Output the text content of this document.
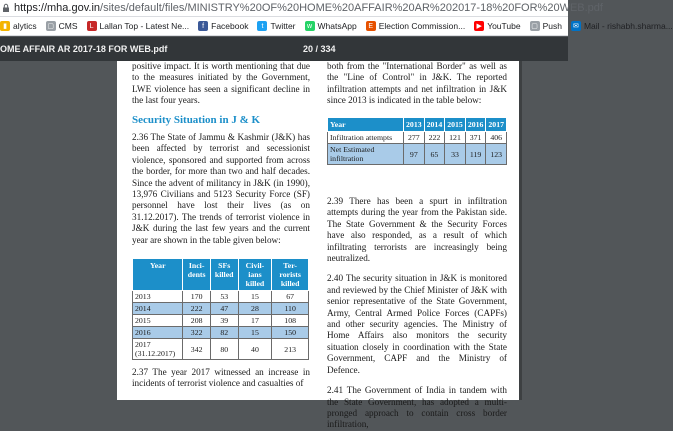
https://mha.gov.in/sites/default/files/MINISTRY%20OF%20HOME%20AFFAIR%20AR%202017-18%20FOR%20WEB.pdf
▮ alytics ▢ CMS	L Lallan Top - Latest Ne...	f Facebook	t Twitter	w WhatsApp	E Election Commission...	▶ YouTube ▢ Push ✉ Mail - rishabh.sharma...
OME AFFAIR AR 2017-18 FOR WEB.pdf	20 / 334

positive impact. It is worth mentioning that due to the measures initiated by the Government, LWE violence has seen a significant decline in the last four years.

Security Situation in J & K

2.36 The State of Jammu & Kashmir (J&K) has been affected by terrorist and secessionist violence, sponsored and supported from across the border, for more than two and half decades. Since the advent of militancy in J&K (in 1990), 13,976 Civilians and 5123 Security Force (SF) personnel have lost their lives (as on 31.12.2017). The trends of terrorist violence in J&K during the last few years and the current year are shown in the table given below:

Year	Inci-dents	SFs killed	Civil-ians killed	Ter-rorists killed
2013	170	53	15	67
2014	222	47	28	110
2015	208	39	17	108
2016	322	82	15	150
2017 (31.12.2017)	342	80	40	213

2.37 The year 2017 witnessed an increase in incidents of terrorist violence and casualties of

both from the "International Border" as well as the "Line of Control" in J&K. The reported infiltration attempts and net infiltration in J&K since 2013 is indicated in the table below:

Year	2013	2014	2015	2016	2017
Infiltration attempts	277	222	121	371	406
Net Estimated infiltration	97	65	33	119	123

2.39 There has been a spurt in infiltration attempts during the year from the Pakistan side. The State Government & the Security Forces have also responded, as a result of which infiltrating terrorists are increasingly being neutralized.

2.40 The security situation in J&K is monitored and reviewed by the Chief Minister of J&K with senior representative of the State Government, Army, Central Armed Police Forces (CAPFs) and other security agencies. The Ministry of Home Affairs also monitors the security situation closely in coordination with the State Government, CAPF and the Ministry of Defence.

2.41 The Government of India in tandem with the State Government, has adopted a multi-pronged approach to contain cross border infiltration,
